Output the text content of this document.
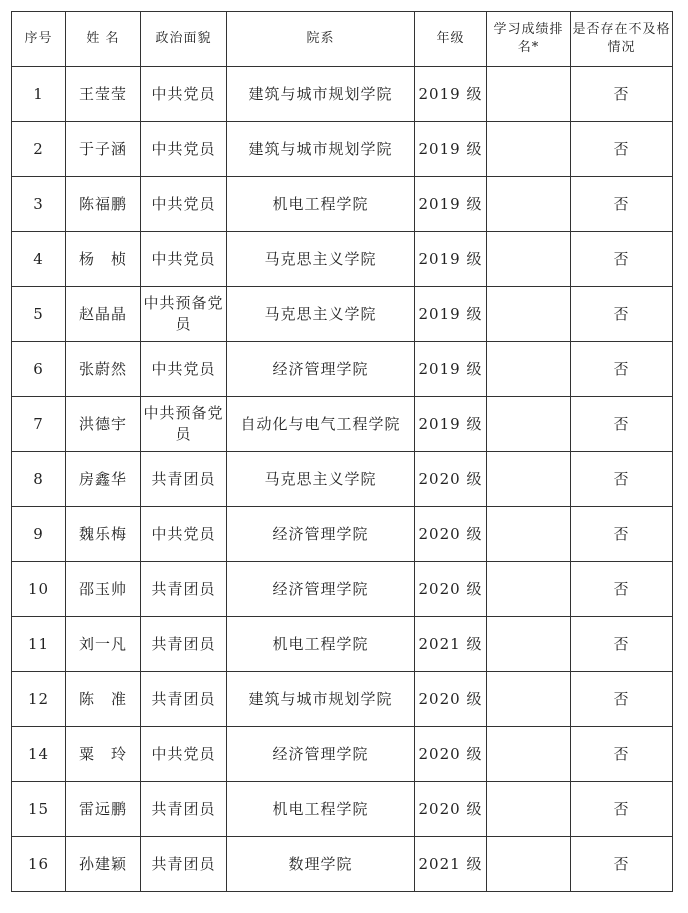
序号	姓 名	政治面貌	院系	年级	学习成绩排名*	是否存在不及格情况
1	王莹莹	中共党员	建筑与城市规划学院	2019 级		否
2	于子涵	中共党员	建筑与城市规划学院	2019 级		否
3	陈福鹏	中共党员	机电工程学院	2019 级		否
4	杨　桢	中共党员	马克思主义学院	2019 级		否
5	赵晶晶	中共预备党员	马克思主义学院	2019 级		否
6	张蔚然	中共党员	经济管理学院	2019 级		否
7	洪德宇	中共预备党员	自动化与电气工程学院	2019 级		否
8	房鑫华	共青团员	马克思主义学院	2020 级		否
9	魏乐梅	中共党员	经济管理学院	2020 级		否
10	邵玉帅	共青团员	经济管理学院	2020 级		否
11	刘一凡	共青团员	机电工程学院	2021 级		否
12	陈　准	共青团员	建筑与城市规划学院	2020 级		否
14	粟　玲	中共党员	经济管理学院	2020 级		否
15	雷远鹏	共青团员	机电工程学院	2020 级		否
16	孙建颖	共青团员	数理学院	2021 级		否
